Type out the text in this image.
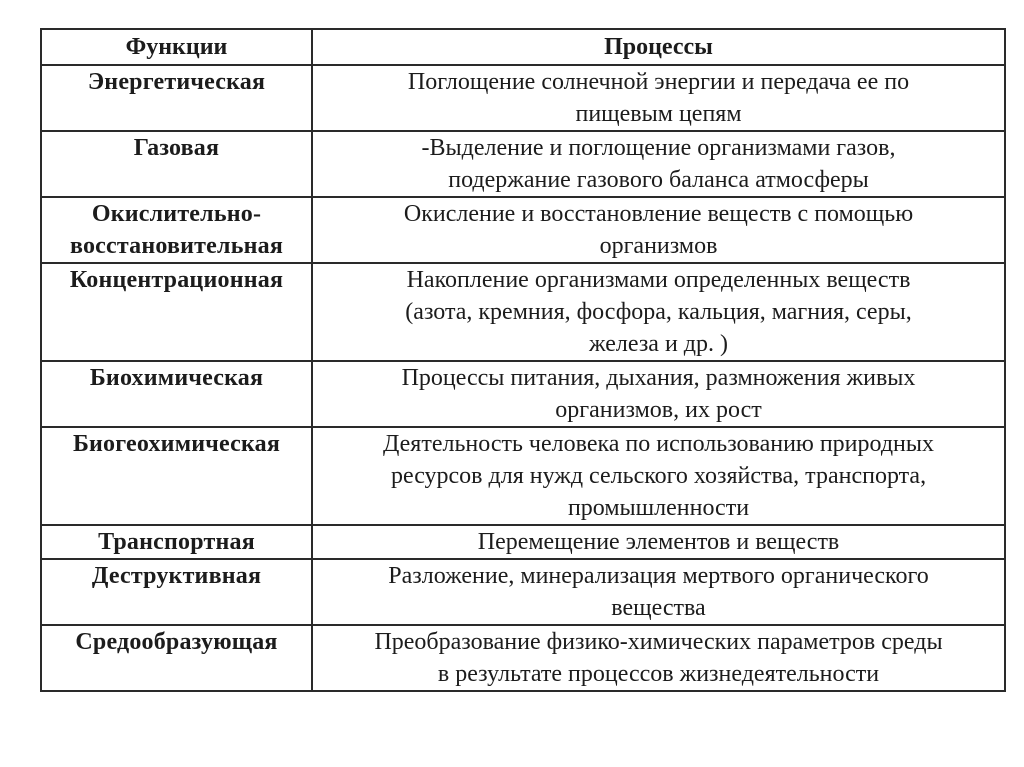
Функции	Процессы

Энергетическая	Поглощение солнечной энергии и передача ее по
пищевым цепям

Газовая	-Выделение и поглощение организмами газов,
подержание газового баланса атмосферы

Окислительно-
восстановительная	Окисление и восстановление веществ с помощью
организмов

Концентрационная	Накопление организмами определенных веществ
(азота, кремния, фосфора, кальция, магния, серы,
железа и др. )

Биохимическая	Процессы питания, дыхания, размножения живых
организмов, их рост

Биогеохимическая	Деятельность человека по использованию природных
ресурсов для нужд сельского хозяйства, транспорта,
промышленности

Транспортная	Перемещение элементов и веществ

Деструктивная	Разложение, минерализация мертвого органического
вещества

Средообразующая	Преобразование физико-химических параметров среды
в результате процессов жизнедеятельности
